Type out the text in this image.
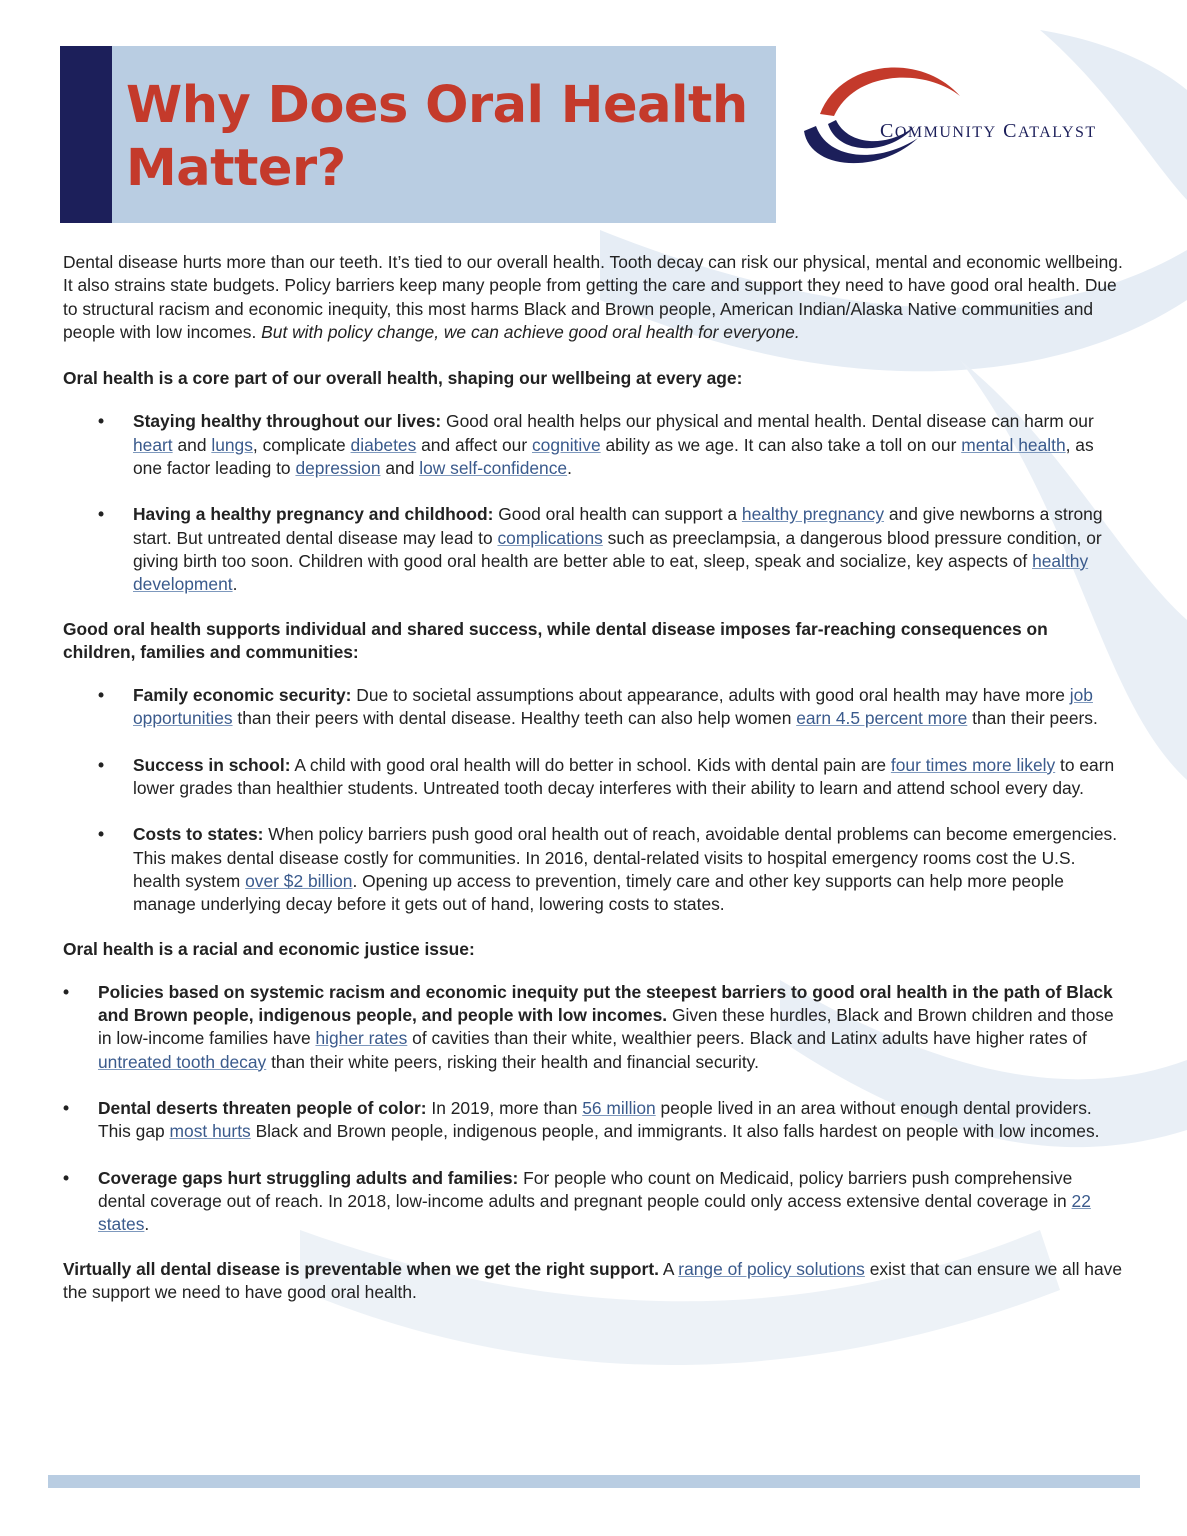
Why Does Oral Health
Matter?
COMMUNITY CATALYST

Dental disease hurts more than our teeth. It’s tied to our overall health. Tooth decay can risk our physical, mental and economic wellbeing. It also strains state budgets. Policy barriers keep many people from getting the care and support they need to have good oral health. Due to structural racism and economic inequity, this most harms Black and Brown people, American Indian/Alaska Native communities and people with low incomes. But with policy change, we can achieve good oral health for everyone.

Oral health is a core part of our overall health, shaping our wellbeing at every age:

• Staying healthy throughout our lives: Good oral health helps our physical and mental health. Dental disease can harm our heart and lungs, complicate diabetes and affect our cognitive ability as we age. It can also take a toll on our mental health, as one factor leading to depression and low self-confidence.
• Having a healthy pregnancy and childhood: Good oral health can support a healthy pregnancy and give newborns a strong start. But untreated dental disease may lead to complications such as preeclampsia, a dangerous blood pressure condition, or giving birth too soon. Children with good oral health are better able to eat, sleep, speak and socialize, key aspects of healthy development.

Good oral health supports individual and shared success, while dental disease imposes far-reaching consequences on children, families and communities:

• Family economic security: Due to societal assumptions about appearance, adults with good oral health may have more job opportunities than their peers with dental disease. Healthy teeth can also help women earn 4.5 percent more than their peers.
• Success in school: A child with good oral health will do better in school. Kids with dental pain are four times more likely to earn lower grades than healthier students. Untreated tooth decay interferes with their ability to learn and attend school every day.
• Costs to states: When policy barriers push good oral health out of reach, avoidable dental problems can become emergencies. This makes dental disease costly for communities. In 2016, dental-related visits to hospital emergency rooms cost the U.S. health system over $2 billion. Opening up access to prevention, timely care and other key supports can help more people manage underlying decay before it gets out of hand, lowering costs to states.

Oral health is a racial and economic justice issue:

• Policies based on systemic racism and economic inequity put the steepest barriers to good oral health in the path of Black and Brown people, indigenous people, and people with low incomes. Given these hurdles, Black and Brown children and those in low-income families have higher rates of cavities than their white, wealthier peers. Black and Latinx adults have higher rates of untreated tooth decay than their white peers, risking their health and financial security.
• Dental deserts threaten people of color: In 2019, more than 56 million people lived in an area without enough dental providers. This gap most hurts Black and Brown people, indigenous people, and immigrants. It also falls hardest on people with low incomes.
• Coverage gaps hurt struggling adults and families: For people who count on Medicaid, policy barriers push comprehensive dental coverage out of reach. In 2018, low-income adults and pregnant people could only access extensive dental coverage in 22 states.

Virtually all dental disease is preventable when we get the right support. A range of policy solutions exist that can ensure we all have the support we need to have good oral health.
